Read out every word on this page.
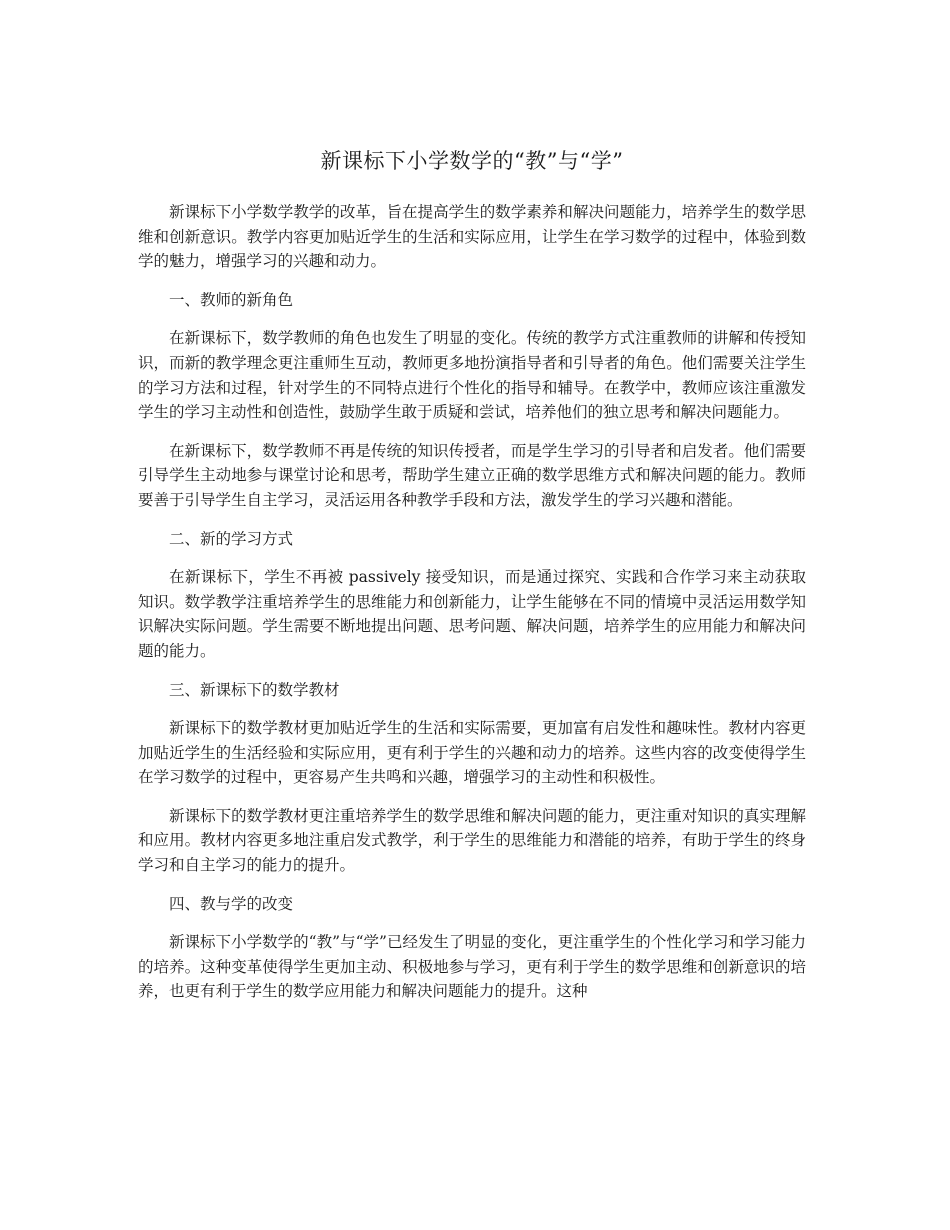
新课标下小学数学的“教”与“学”

新课标下小学数学教学的改革，旨在提高学生的数学素养和解决问题能力，培养学生的数学思维和创新意识。教学内容更加贴近学生的生活和实际应用，让学生在学习数学的过程中，体验到数学的魅力，增强学习的兴趣和动力。

一、教师的新角色

在新课标下，数学教师的角色也发生了明显的变化。传统的教学方式注重教师的讲解和传授知识，而新的教学理念更注重师生互动，教师更多地扮演指导者和引导者的角色。他们需要关注学生的学习方法和过程，针对学生的不同特点进行个性化的指导和辅导。在教学中，教师应该注重激发学生的学习主动性和创造性，鼓励学生敢于质疑和尝试，培养他们的独立思考和解决问题能力。

在新课标下，数学教师不再是传统的知识传授者，而是学生学习的引导者和启发者。他们需要引导学生主动地参与课堂讨论和思考，帮助学生建立正确的数学思维方式和解决问题的能力。教师要善于引导学生自主学习，灵活运用各种教学手段和方法，激发学生的学习兴趣和潜能。

二、新的学习方式

在新课标下，学生不再被 passively 接受知识，而是通过探究、实践和合作学习来主动获取知识。数学教学注重培养学生的思维能力和创新能力，让学生能够在不同的情境中灵活运用数学知识解决实际问题。学生需要不断地提出问题、思考问题、解决问题，培养学生的应用能力和解决问题的能力。

三、新课标下的数学教材

新课标下的数学教材更加贴近学生的生活和实际需要，更加富有启发性和趣味性。教材内容更加贴近学生的生活经验和实际应用，更有利于学生的兴趣和动力的培养。这些内容的改变使得学生在学习数学的过程中，更容易产生共鸣和兴趣，增强学习的主动性和积极性。

新课标下的数学教材更注重培养学生的数学思维和解决问题的能力，更注重对知识的真实理解和应用。教材内容更多地注重启发式教学，利于学生的思维能力和潜能的培养，有助于学生的终身学习和自主学习的能力的提升。

四、教与学的改变

新课标下小学数学的“教”与“学”已经发生了明显的变化，更注重学生的个性化学习和学习能力的培养。这种变革使得学生更加主动、积极地参与学习，更有利于学生的数学思维和创新意识的培养，也更有利于学生的数学应用能力和解决问题能力的提升。这种
